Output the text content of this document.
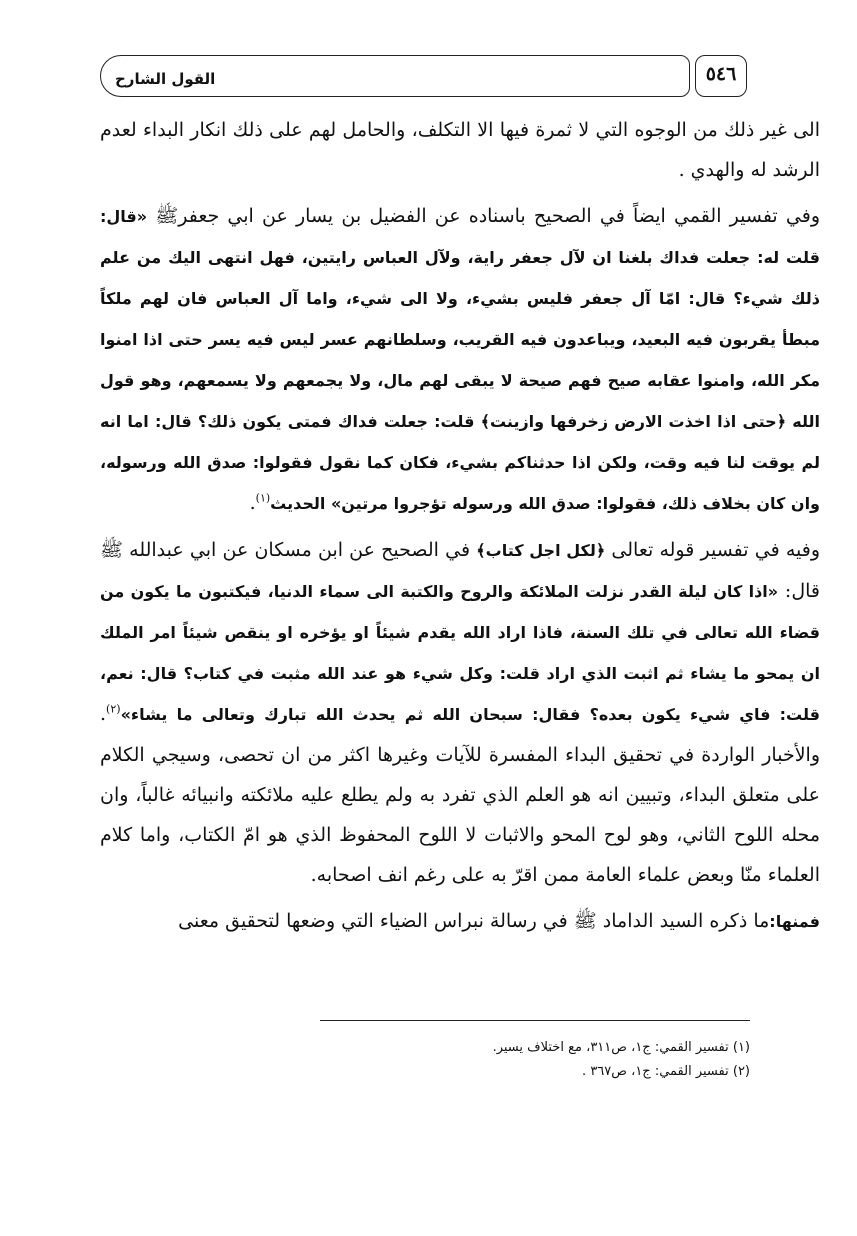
القول الشارح	٥٤٦

الى غير ذلك من الوجوه التي لا ثمرة فيها الا التكلف، والحامل لهم على ذلك انكار البداء لعدم الرشد له والهدي .

وفي تفسير القمي ايضاً في الصحيح باسناده عن الفضيل بن يسار عن ابي جعفرﷺ «قال: قلت له: جعلت فداك بلغنا ان لآل جعفر راية، ولآل العباس رايتين، فهل انتهى اليك من علم ذلك شيء؟ قال: امّا آل جعفر فليس بشيء، ولا الى شيء، واما آل العباس فان لهم ملكاً مبطأ يقربون فيه البعيد، ويباعدون فيه القريب، وسلطانهم عسر ليس فيه يسر حتى اذا امنوا مكر الله، وامنوا عقابه صيح فهم صيحة لا يبقى لهم مال، ولا يجمعهم ولا يسمعهم، وهو قول الله ﴿حتى اذا اخذت الارض زخرفها وازينت﴾ قلت: جعلت فداك فمتى يكون ذلك؟ قال: اما انه لم يوقت لنا فيه وقت، ولكن اذا حدثناكم بشيء، فكان كما نقول فقولوا: صدق الله ورسوله، وان كان بخلاف ذلك، فقولوا: صدق الله ورسوله تؤجروا مرتين» الحديث$^{(١)}$.

وفيه في تفسير قوله تعالى ﴿لكل اجل كتاب﴾ في الصحيح عن ابن مسكان عن ابي عبدالله ﷺ قال: «اذا كان ليلة القدر نزلت الملائكة والروح والكتبة الى سماء الدنيا، فيكتبون ما يكون من قضاء الله تعالى في تلك السنة، فاذا اراد الله يقدم شيئاً او يؤخره او ينقص شيئاً امر الملك ان يمحو ما يشاء ثم اثبت الذي اراد قلت: وكل شيء هو عند الله مثبت في كتاب؟ قال: نعم، قلت: فاي شيء يكون بعده؟ فقال: سبحان الله ثم يحدث الله تبارك وتعالى ما يشاء»$^{(٢)}$. والأخبار الواردة في تحقيق البداء المفسرة للآيات وغيرها اكثر من ان تحصى، وسيجي الكلام على متعلق البداء، وتبيين انه هو العلم الذي تفرد به ولم يطلع عليه ملائكته وانبيائه غالباً، وان محله اللوح الثاني، وهو لوح المحو والاثبات لا اللوح المحفوظ الذي هو امّ الكتاب، واما كلام العلماء منّا وبعض علماء العامة ممن اقرّ به على رغم انف اصحابه.

فمنها:ما ذكره السيد الداماد ﷺ في رسالة نبراس الضياء التي وضعها لتحقيق معنى

(١) تفسير القمي: ج١، ص٣١١، مع اختلاف يسير.
(٢) تفسير القمي: ج١، ص٣٦٧ .
